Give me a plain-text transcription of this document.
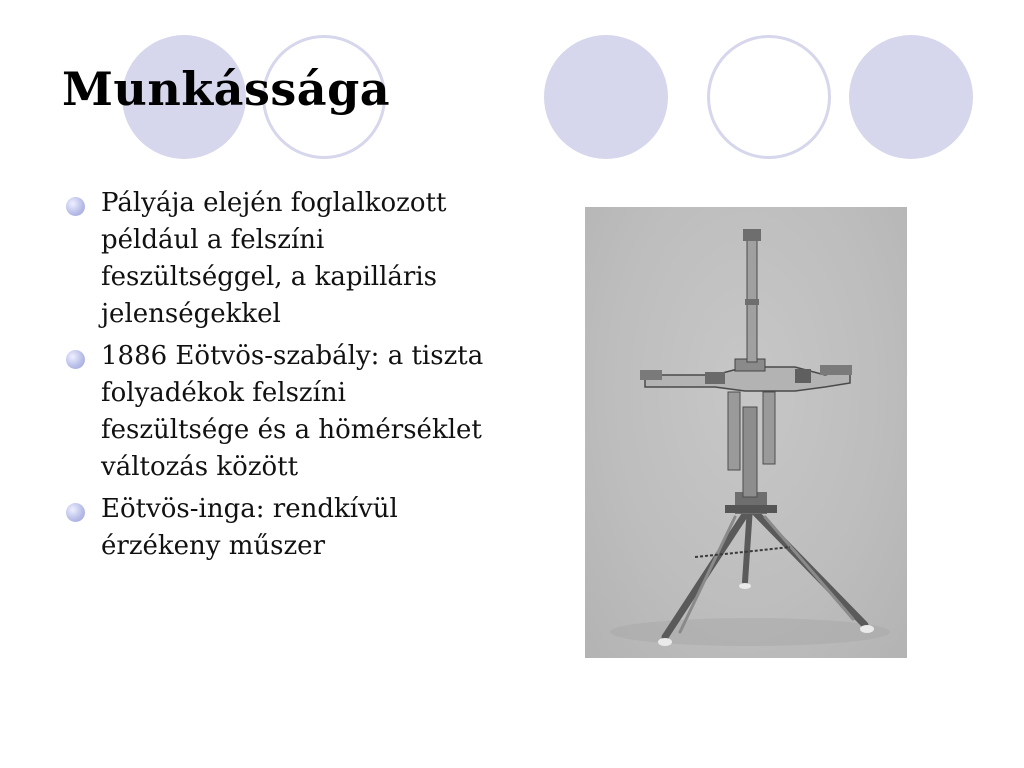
Munkássága
Pályája elején foglalkozott például a felszíni feszültséggel, a kapilláris jelenségekkel
1886 Eötvös-szabály: a tiszta folyadékok felszíni feszültsége és a hömérséklet változás között
Eötvös-inga: rendkívül érzékeny műszer
